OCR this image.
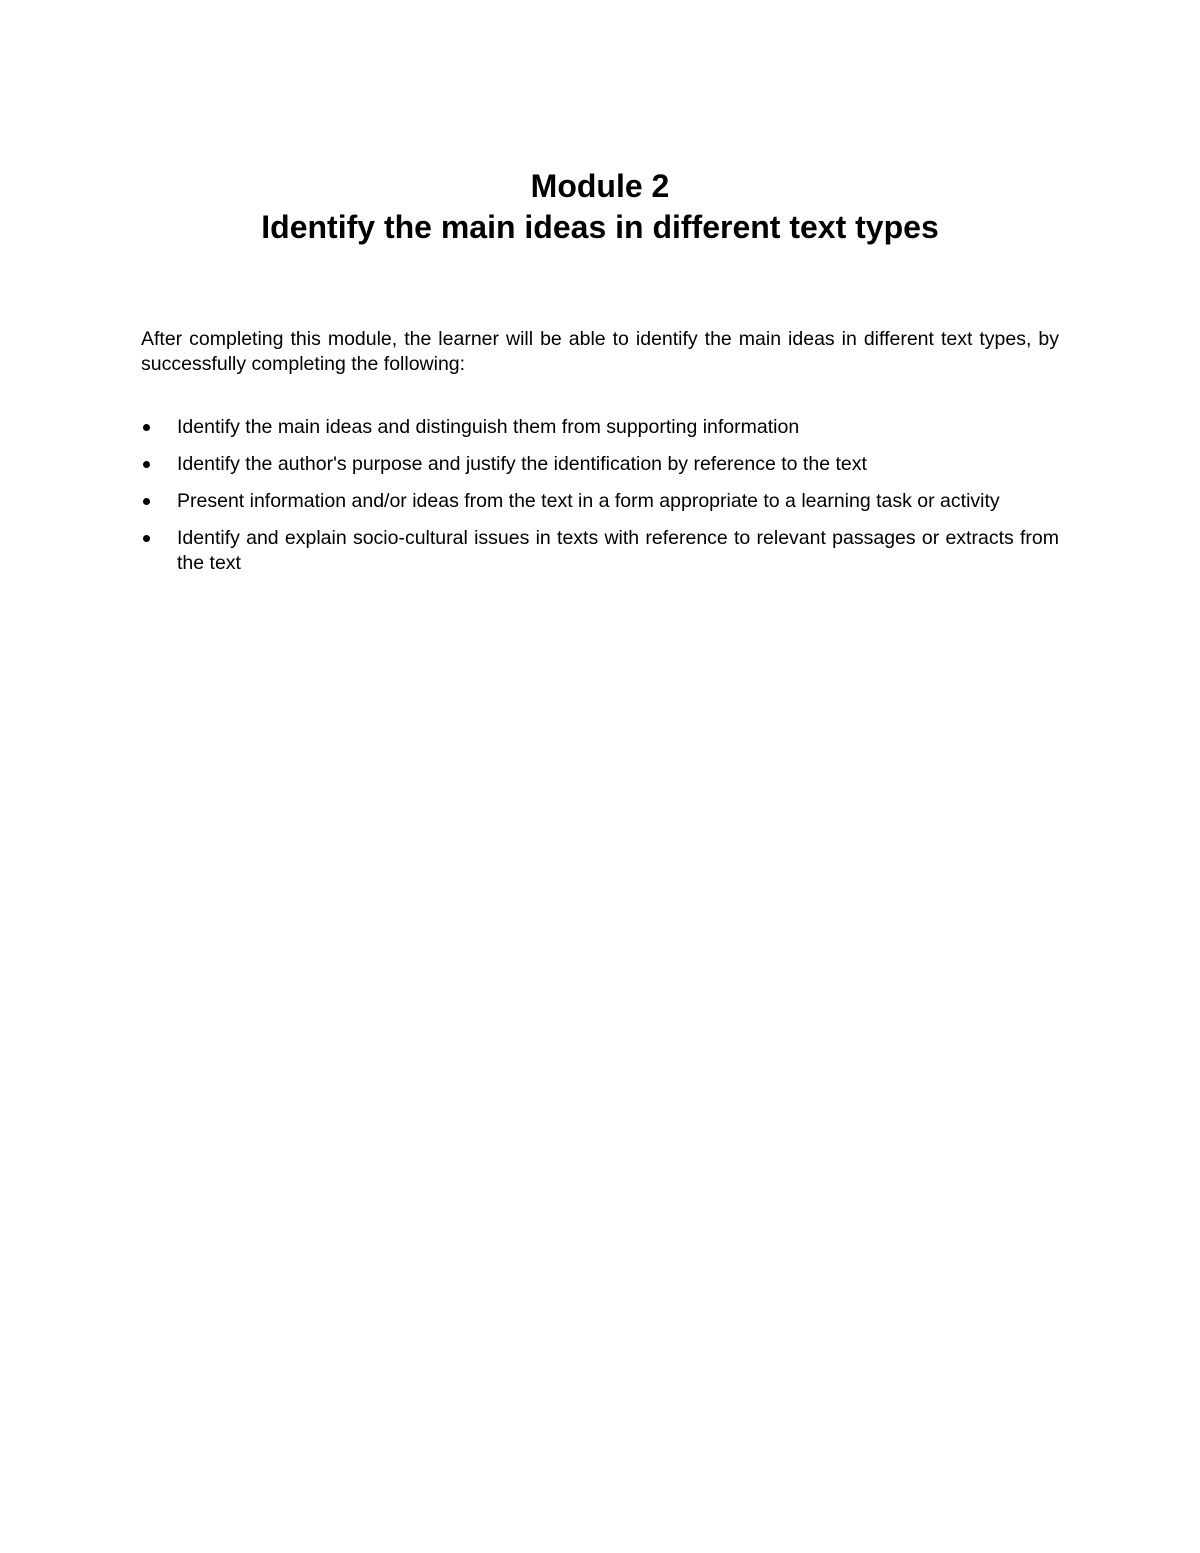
Module 2
Identify the main ideas in different text types

After completing this module, the learner will be able to identify the main ideas in different text types, by successfully completing the following:

Identify the main ideas and distinguish them from supporting information
Identify the author's purpose and justify the identification by reference to the text
Present information and/or ideas from the text in a form appropriate to a learning task or activity
Identify and explain socio-cultural issues in texts with reference to relevant passages or extracts from the text
